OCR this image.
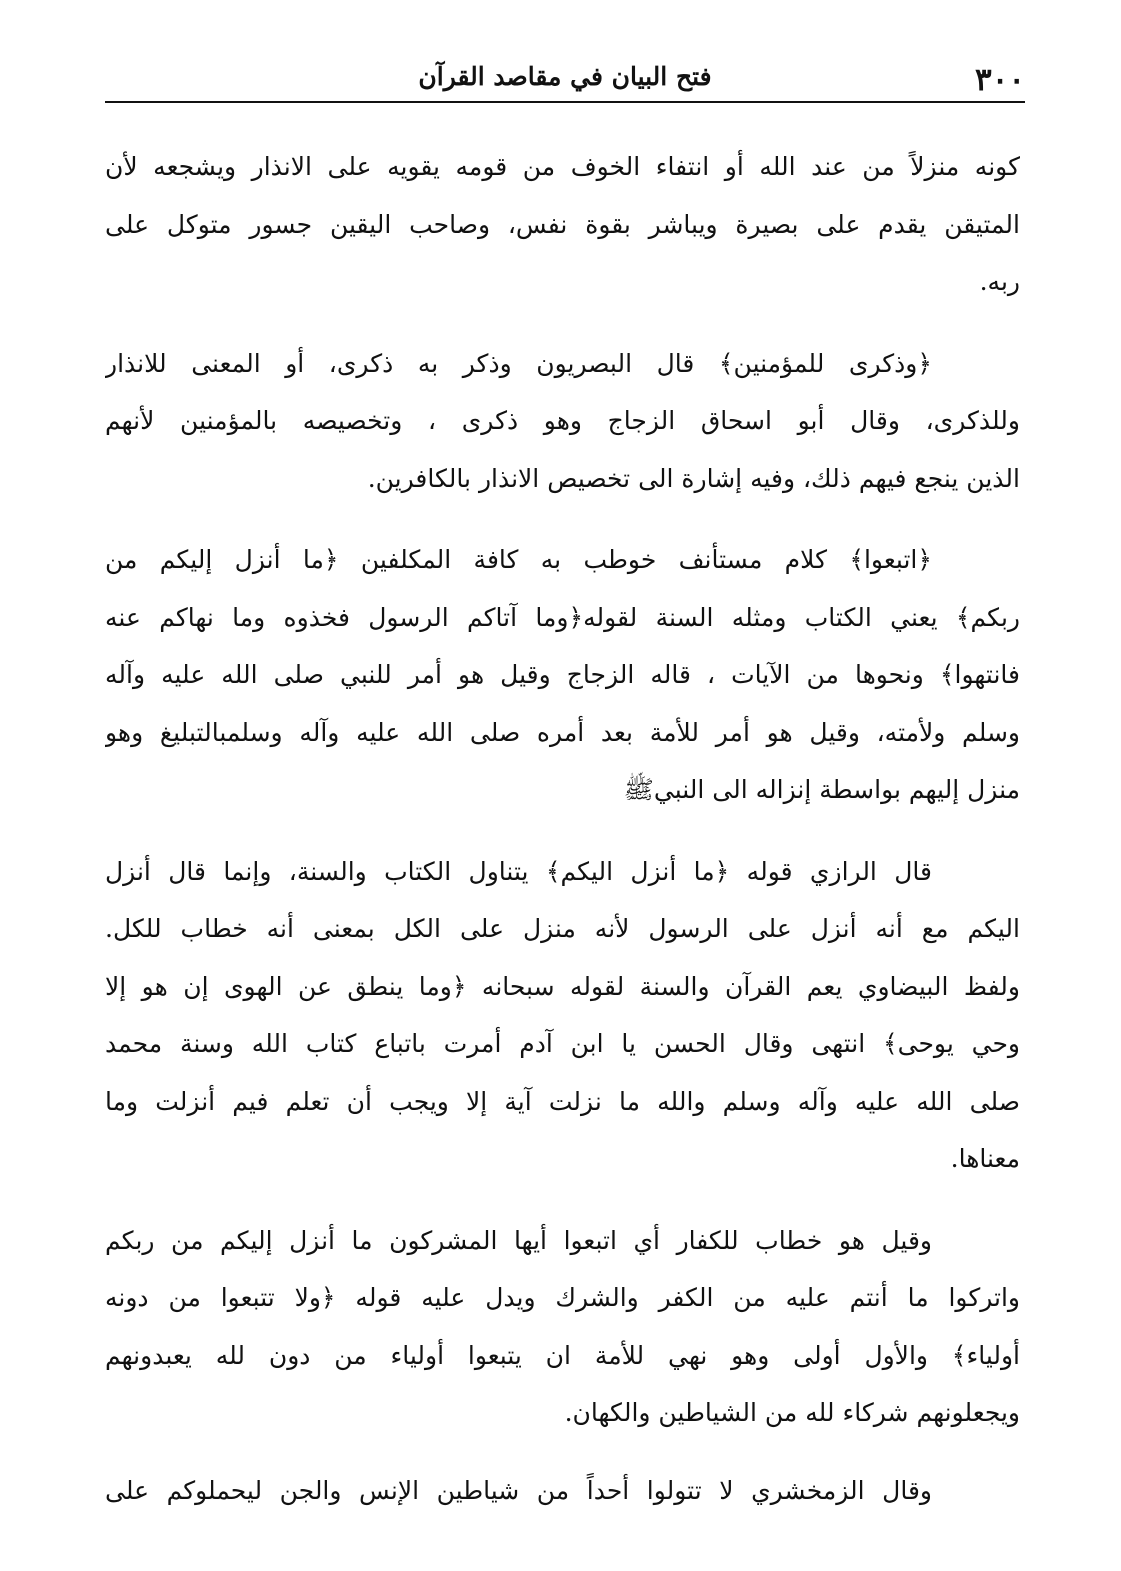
٣٠٠
فتح البيان في مقاصد القرآن
كونه منزلاً من عند الله أو انتفاء الخوف من قومه يقويه على الانذار ويشجعه لأن
المتيقن يقدم على بصيرة ويباشر بقوة نفس، وصاحب اليقين جسور متوكل على
ربه.
﴿وذكرى للمؤمنين﴾ قال البصريون وذكر به ذكرى، أو المعنى للانذار
وللذكرى، وقال أبو اسحاق الزجاج وهو ذكرى ، وتخصيصه بالمؤمنين لأنهم
الذين ينجع فيهم ذلك، وفيه إشارة الى تخصيص الانذار بالكافرين.
﴿اتبعوا﴾ كلام مستأنف خوطب به كافة المكلفين ﴿ما أنزل إليكم من
ربكم﴾ يعني الكتاب ومثله السنة لقوله﴿وما آتاكم الرسول فخذوه وما نهاكم عنه
فانتهوا﴾ ونحوها من الآيات ، قاله الزجاج وقيل هو أمر للنبي صلى الله عليه وآله
وسلم ولأمته، وقيل هو أمر للأمة بعد أمره صلى الله عليه وآله وسلمبالتبليغ وهو
منزل إليهم بواسطة إنزاله الى النبيﷺ
قال الرازي قوله ﴿ما أنزل اليكم﴾ يتناول الكتاب والسنة، وإنما قال أنزل
اليكم مع أنه أنزل على الرسول لأنه منزل على الكل بمعنى أنه خطاب للكل.
ولفظ البيضاوي يعم القرآن والسنة لقوله سبحانه ﴿وما ينطق عن الهوى إن هو إلا
وحي يوحى﴾ انتهى وقال الحسن يا ابن آدم أمرت باتباع كتاب الله وسنة محمد
صلى الله عليه وآله وسلم والله ما نزلت آية إلا ويجب أن تعلم فيم أنزلت وما
معناها.
وقيل هو خطاب للكفار أي اتبعوا أيها المشركون ما أنزل إليكم من ربكم
واتركوا ما أنتم عليه من الكفر والشرك ويدل عليه قوله ﴿ولا تتبعوا من دونه
أولياء﴾ والأول أولى وهو نهي للأمة ان يتبعوا أولياء من دون لله يعبدونهم
ويجعلونهم شركاء لله من الشياطين والكهان.
وقال الزمخشري لا تتولوا أحداً من شياطين الإنس والجن ليحملوكم على
